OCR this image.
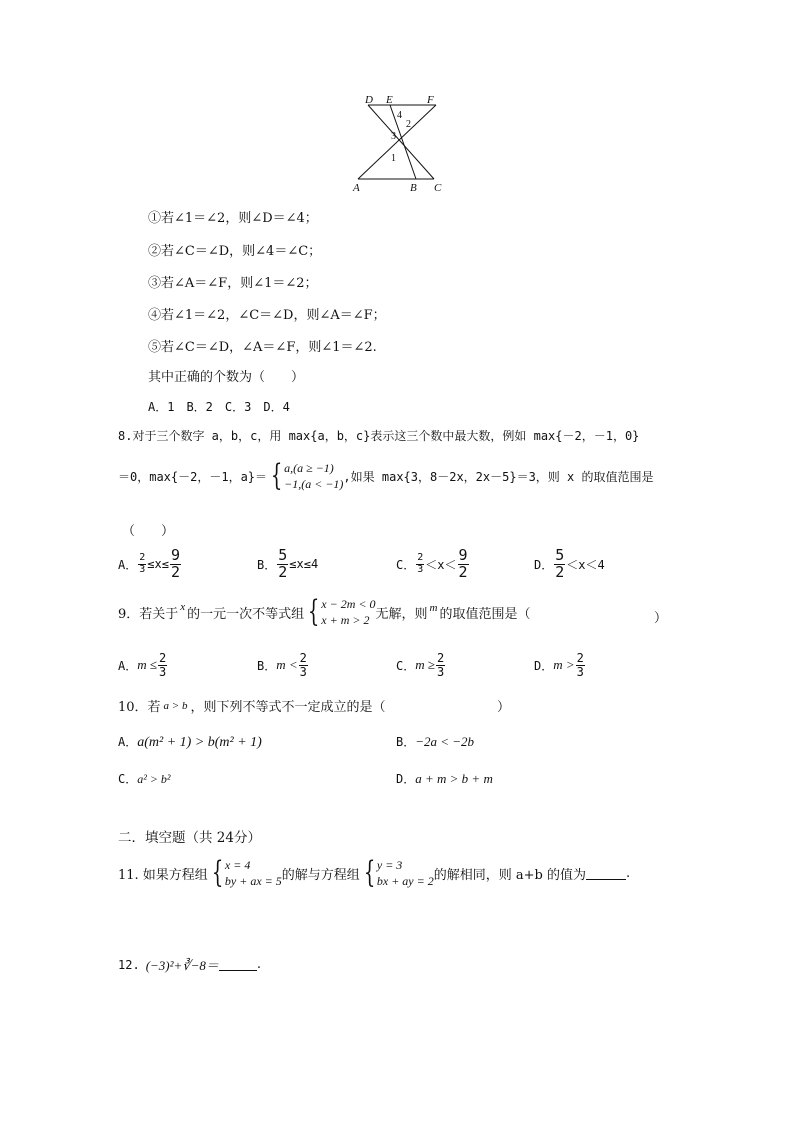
D E	F
A	B C
4
2
3
1
①若∠1＝∠2，则∠D＝∠4；
②若∠C＝∠D，则∠4＝∠C；
③若∠A＝∠F，则∠1＝∠2；
④若∠1＝∠2，∠C＝∠D，则∠A＝∠F；
⑤若∠C＝∠D，∠A＝∠F，则∠1＝∠2.
其中正确的个数为（　　）
A．1　B．2　C．3　D．4
8.对于三个数字 a，b，c，用 max{a，b，c}表示这三个数中最大数，例如 max{－2，－1，0}
＝0，max{－2，－1，a}＝ { a,(a ≥ −1)
−1,(a < −1)
,如果 max{3，8－2x，2x－5}＝3，则 x 的取值范围是
（　　）
A． $\frac{2}{3} \le x\le \frac{9}{2}$	B． $\frac{5}{2} \le x\le 4$	C． $\frac{2}{3} <x< \frac{9}{2}$	D． $\frac{5}{2} <x<4$
9．若关于 x 的一元一次不等式组 { x − 2m < 0
x + m > 2 无解，则 m 的取值范围是（	）
A． $m \le \frac{2}{3}$	B． $m < \frac{2}{3}$	C． $m \ge \frac{2}{3}$	D． $m > \frac{2}{3}$
10．若 a > b ，则下列不等式不一定成立的是（	）
A．a(m² + 1) > b(m² + 1)	B．−2a < −2b
C．a² > b²	D．a + m > b + m
二．填空题（共 24分）
11. 如果方程组 { x = 4
by + ax = 5 的解与方程组 { y = 3
bx + ay = 2 的解相同，则 a+b 的值为	.
12. (−3)²+∛−8＝	.
